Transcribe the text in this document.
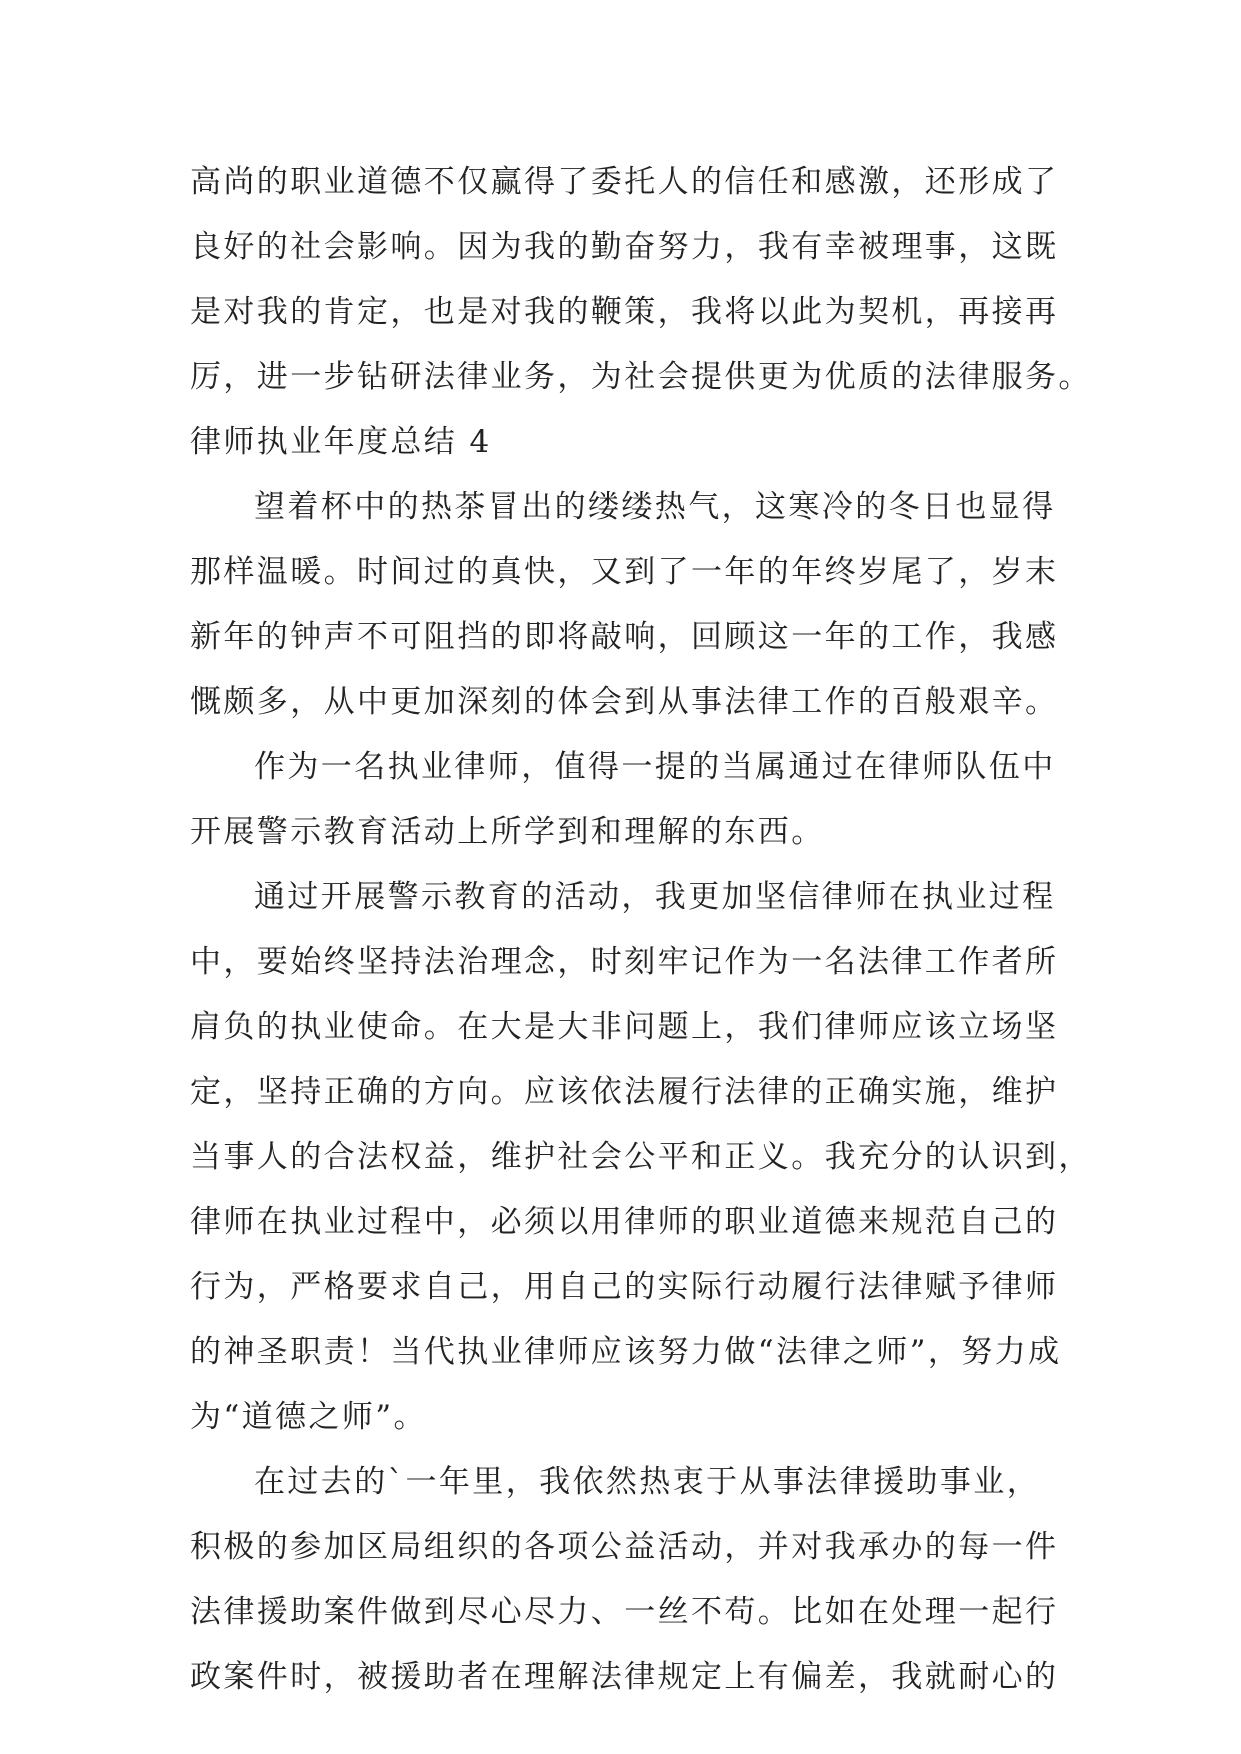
高尚的职业道德不仅赢得了委托人的信任和感激，还形成了
良好的社会影响。因为我的勤奋努力，我有幸被理事，这既
是对我的肯定，也是对我的鞭策，我将以此为契机，再接再
厉，进一步钻研法律业务，为社会提供更为优质的法律服务。
律师执业年度总结 4
望着杯中的热茶冒出的缕缕热气，这寒冷的冬日也显得
那样温暖。时间过的真快，又到了一年的年终岁尾了，岁末
新年的钟声不可阻挡的即将敲响，回顾这一年的工作，我感
慨颇多，从中更加深刻的体会到从事法律工作的百般艰辛。
作为一名执业律师，值得一提的当属通过在律师队伍中
开展警示教育活动上所学到和理解的东西。
通过开展警示教育的活动，我更加坚信律师在执业过程
中，要始终坚持法治理念，时刻牢记作为一名法律工作者所
肩负的执业使命。在大是大非问题上，我们律师应该立场坚
定，坚持正确的方向。应该依法履行法律的正确实施，维护
当事人的合法权益，维护社会公平和正义。我充分的认识到，
律师在执业过程中，必须以用律师的职业道德来规范自己的
行为，严格要求自己，用自己的实际行动履行法律赋予律师
的神圣职责！当代执业律师应该努力做“法律之师”，努力成
为“道德之师”。
在过去的`一年里，我依然热衷于从事法律援助事业，
积极的参加区局组织的各项公益活动，并对我承办的每一件
法律援助案件做到尽心尽力、一丝不苟。比如在处理一起行
政案件时，被援助者在理解法律规定上有偏差，我就耐心的
